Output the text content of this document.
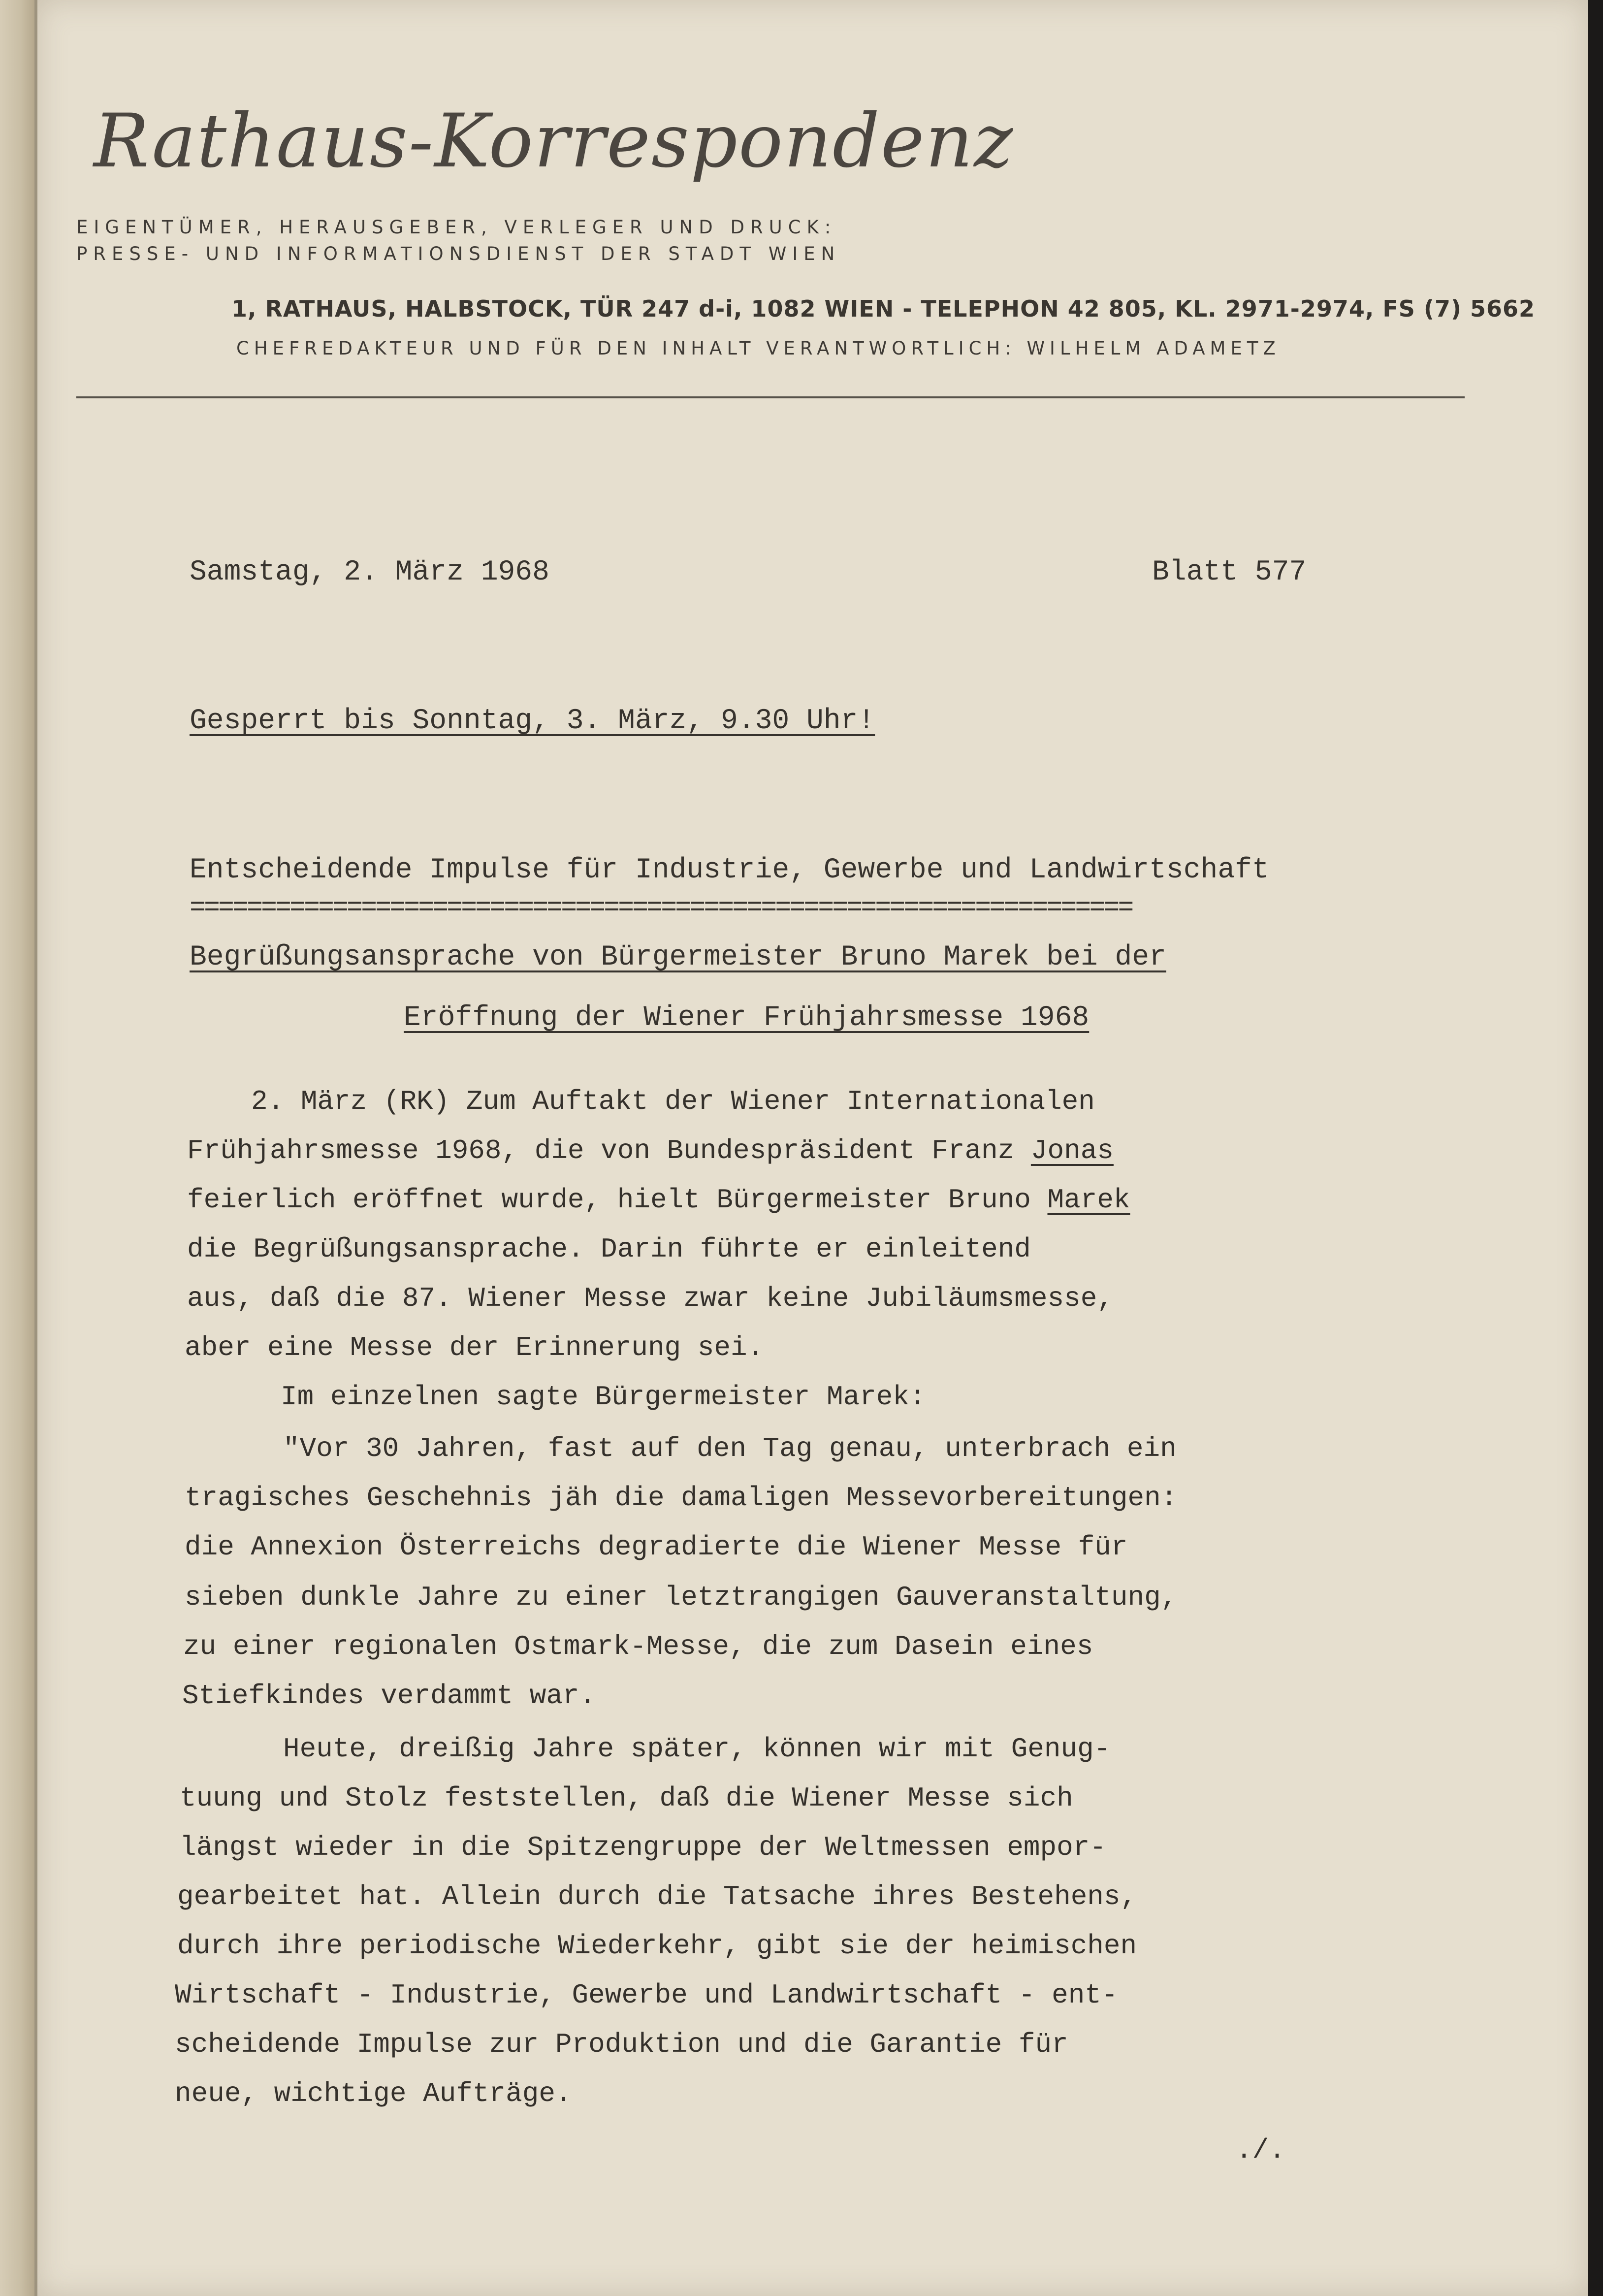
Rathaus-Korrespondenz
EIGENTÜMER, HERAUSGEBER, VERLEGER UND DRUCK:
PRESSE- UND INFORMATIONSDIENST DER STADT WIEN
1, RATHAUS, HALBSTOCK, TÜR 247 d-i, 1082 WIEN - TELEPHON 42 805, KL. 2971-2974, FS (7) 5662
CHEFREDAKTEUR UND FÜR DEN INHALT VERANTWORTLICH: WILHELM ADAMETZ
Samstag, 2. März 1968	Blatt 577
Gesperrt bis Sonntag, 3. März, 9.30 Uhr!
Entscheidende Impulse für Industrie, Gewerbe und Landwirtschaft
==================================================================
Begrüßungsansprache von Bürgermeister Bruno Marek bei der
Eröffnung der Wiener Frühjahrsmesse 1968
2. März (RK) Zum Auftakt der Wiener Internationalen
Frühjahrsmesse 1968, die von Bundespräsident Franz Jonas
feierlich eröffnet wurde, hielt Bürgermeister Bruno Marek
die Begrüßungsansprache. Darin führte er einleitend
aus, daß die 87. Wiener Messe zwar keine Jubiläumsmesse,
aber eine Messe der Erinnerung sei.
Im einzelnen sagte Bürgermeister Marek:
"Vor 30 Jahren, fast auf den Tag genau, unterbrach ein
tragisches Geschehnis jäh die damaligen Messevorbereitungen:
die Annexion Österreichs degradierte die Wiener Messe für
sieben dunkle Jahre zu einer letztrangigen Gauveranstaltung,
zu einer regionalen Ostmark-Messe, die zum Dasein eines
Stiefkindes verdammt war.
Heute, dreißig Jahre später, können wir mit Genug-
tuung und Stolz feststellen, daß die Wiener Messe sich
längst wieder in die Spitzengruppe der Weltmessen empor-
gearbeitet hat. Allein durch die Tatsache ihres Bestehens,
durch ihre periodische Wiederkehr, gibt sie der heimischen
Wirtschaft - Industrie, Gewerbe und Landwirtschaft - ent-
scheidende Impulse zur Produktion und die Garantie für
neue, wichtige Aufträge.
./.
